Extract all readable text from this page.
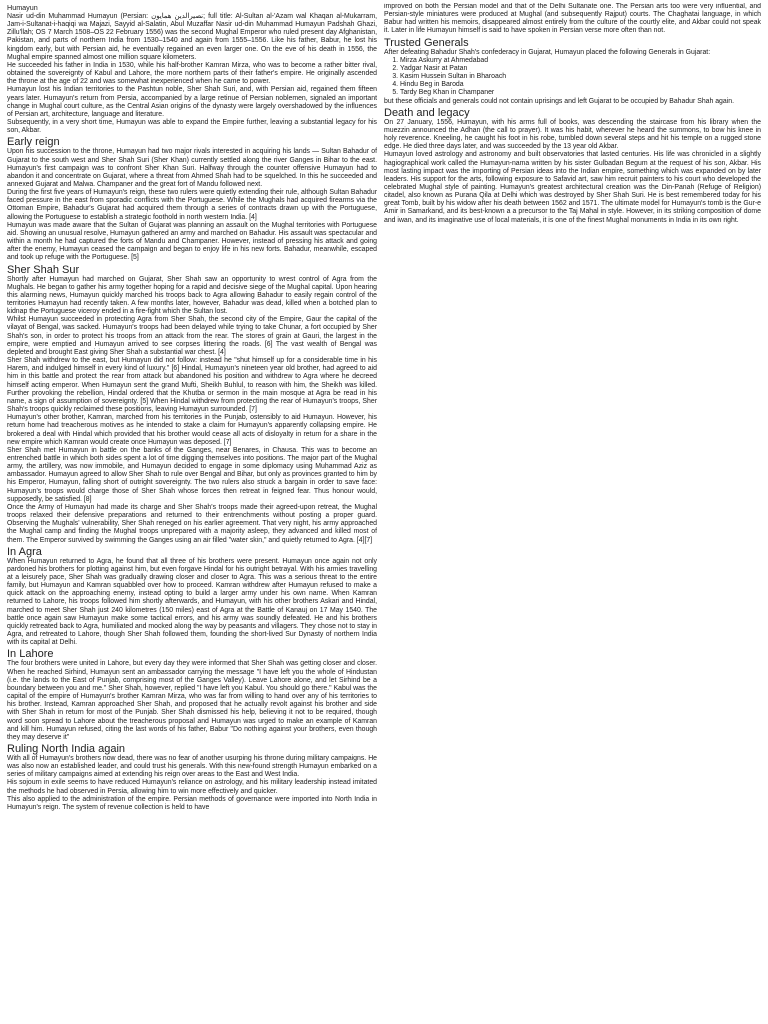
Humayun

Nasir ud-din Muhammad Humayun (Persian: نصیرالدین همایون‎; full title: Al-Sultan al-'Azam wal Khaqan al-Mukarram, Jam-i-Sultanat-i-haqiqi wa Majazi, Sayyid al-Salatin, Abul Muzaffar Nasir ud-din Muhammad Humayun Padshah Ghazi, Zillu'llah; OS 7 March 1508–OS 22 February 1556) was the second Mughal Emperor who ruled present day Afghanistan, Pakistan, and parts of northern India from 1530–1540 and again from 1555–1556. Like his father, Babur, he lost his kingdom early, but with Persian aid, he eventually regained an even larger one. On the eve of his death in 1556, the Mughal empire spanned almost one million square kilometers.

He succeeded his father in India in 1530, while his half-brother Kamran Mirza, who was to become a rather bitter rival, obtained the sovereignty of Kabul and Lahore, the more northern parts of their father's empire. He originally ascended the throne at the age of 22 and was somewhat inexperienced when he came to power.

Humayun lost his Indian territories to the Pashtun noble, Sher Shah Suri, and, with Persian aid, regained them fifteen years later. Humayun's return from Persia, accompanied by a large retinue of Persian noblemen, signaled an important change in Mughal court culture, as the Central Asian origins of the dynasty were largely overshadowed by the influences of Persian art, architecture, language and literature.

Subsequently, in a very short time, Humayun was able to expand the Empire further, leaving a substantial legacy for his son, Akbar.

Early reign

Upon his succession to the throne, Humayun had two major rivals interested in acquiring his lands — Sultan Bahadur of Gujarat to the south west and Sher Shah Suri (Sher Khan) currently settled along the river Ganges in Bihar to the east. Humayun's first campaign was to confront Sher Khan Suri. Halfway through the counter offensive Humayun had to abandon it and concentrate on Gujarat, where a threat from Ahmed Shah had to be squelched. In this he succeeded and annexed Gujarat and Malwa. Champaner and the great fort of Mandu followed next.

During the first five years of Humayun's reign, these two rulers were quietly extending their rule, although Sultan Bahadur faced pressure in the east from sporadic conflicts with the Portuguese. While the Mughals had acquired firearms via the Ottoman Empire, Bahadur's Gujarat had acquired them through a series of contracts drawn up with the Portuguese, allowing the Portuguese to establish a strategic foothold in north western India. [4]

Humayun was made aware that the Sultan of Gujarat was planning an assault on the Mughal territories with Portuguese aid. Showing an unusual resolve, Humayun gathered an army and marched on Bahadur. His assault was spectacular and within a month he had captured the forts of Mandu and Champaner. However, instead of pressing his attack and going after the enemy, Humayun ceased the campaign and began to enjoy life in his new forts. Bahadur, meanwhile, escaped and took up refuge with the Portuguese. [5]

Sher Shah Sur

Shortly after Humayun had marched on Gujarat, Sher Shah saw an opportunity to wrest control of Agra from the Mughals. He began to gather his army together hoping for a rapid and decisive siege of the Mughal capital. Upon hearing this alarming news, Humayun quickly marched his troops back to Agra allowing Bahadur to easily regain control of the territories Humayun had recently taken. A few months later, however, Bahadur was dead, killed when a botched plan to kidnap the Portuguese viceroy ended in a fire-fight which the Sultan lost.

Whilst Humayun succeeded in protecting Agra from Sher Shah, the second city of the Empire, Gaur the capital of the vilayat of Bengal, was sacked. Humayun's troops had been delayed while trying to take Chunar, a fort occupied by Sher Shah's son, in order to protect his troops from an attack from the rear. The stores of grain at Gauri, the largest in the empire, were emptied and Humayun arrived to see corpses littering the roads. [6] The vast wealth of Bengal was depleted and brought East giving Sher Shah a substantial war chest. [4]

Sher Shah withdrew to the east, but Humayun did not follow: instead he "shut himself up for a considerable time in his Harem, and indulged himself in every kind of luxury." [6] Hindal, Humayun's nineteen year old brother, had agreed to aid him in this battle and protect the rear from attack but abandoned his position and withdrew to Agra where he decreed himself acting emperor. When Humayun sent the grand Mufti, Sheikh Buhlul, to reason with him, the Sheikh was killed. Further provoking the rebellion, Hindal ordered that the Khutba or sermon in the main mosque at Agra be read in his name, a sign of assumption of sovereignty. [5] When Hindal withdrew from protecting the rear of Humayun's troops, Sher Shah's troops quickly reclaimed these positions, leaving Humayun surrounded. [7]

Humayun's other brother, Kamran, marched from his territories in the Punjab, ostensibly to aid Humayun. However, his return home had treacherous motives as he intended to stake a claim for Humayun's apparently collapsing empire. He brokered a deal with Hindal which provided that his brother would cease all acts of disloyalty in return for a share in the new empire which Kamran would create once Humayun was deposed. [7]

Sher Shah met Humayun in battle on the banks of the Ganges, near Benares, in Chausa. This was to become an entrenched battle in which both sides spent a lot of time digging themselves into positions. The major part of the Mughal army, the artillery, was now immobile, and Humayun decided to engage in some diplomacy using Muhammad Aziz as ambassador. Humayun agreed to allow Sher Shah to rule over Bengal and Bihar, but only as provinces granted to him by his Emperor, Humayun, falling short of outright sovereignty. The two rulers also struck a bargain in order to save face: Humayun's troops would charge those of Sher Shah whose forces then retreat in feigned fear. Thus honour would, supposedly, be satisfied. [8]

Once the Army of Humayun had made its charge and Sher Shah's troops made their agreed-upon retreat, the Mughal troops relaxed their defensive preparations and returned to their entrenchments without posting a proper guard. Observing the Mughals' vulnerability, Sher Shah reneged on his earlier agreement. That very night, his army approached the Mughal camp and finding the Mughal troops unprepared with a majority asleep, they advanced and killed most of them. The Emperor survived by swimming the Ganges using an air filled "water skin," and quietly returned to Agra. [4][7]

In Agra

When Humayun returned to Agra, he found that all three of his brothers were present. Humayun once again not only pardoned his brothers for plotting against him, but even forgave Hindal for his outright betrayal. With his armies travelling at a leisurely pace, Sher Shah was gradually drawing closer and closer to Agra. This was a serious threat to the entire family, but Humayun and Kamran squabbled over how to proceed. Kamran withdrew after Humayun refused to make a quick attack on the approaching enemy, instead opting to build a larger army under his own name. When Kamran returned to Lahore, his troops followed him shortly afterwards, and Humayun, with his other brothers Askari and Hindal, marched to meet Sher Shah just 240 kilometres (150 miles) east of Agra at the Battle of Kanauj on 17 May 1540. The battle once again saw Humayun make some tactical errors, and his army was soundly defeated. He and his brothers quickly retreated back to Agra, humiliated and mocked along the way by peasants and villagers. They chose not to stay in Agra, and retreated to Lahore, though Sher Shah followed them, founding the short-lived Sur Dynasty of northern India with its capital at Delhi.

In Lahore

The four brothers were united in Lahore, but every day they were informed that Sher Shah was getting closer and closer. When he reached Sirhind, Humayun sent an ambassador carrying the message "I have left you the whole of Hindustan (i.e. the lands to the East of Punjab, comprising most of the Ganges Valley). Leave Lahore alone, and let Sirhind be a boundary between you and me." Sher Shah, however, replied "I have left you Kabul. You should go there." Kabul was the capital of the empire of Humayun's brother Kamran Mirza, who was far from willing to hand over any of his territories to his brother. Instead, Kamran approached Sher Shah, and proposed that he actually revolt against his brother and side with Sher Shah in return for most of the Punjab. Sher Shah dismissed his help, believing it not to be required, though word soon spread to Lahore about the treacherous proposal and Humayun was urged to make an example of Kamran and kill him. Humayun refused, citing the last words of his father, Babur "Do nothing against your brothers, even though they may deserve it"

Ruling North India again

With all of Humayun's brothers now dead, there was no fear of another usurping his throne during military campaigns. He was also now an established leader, and could trust his generals. With this new-found strength Humayun embarked on a series of military campaigns aimed at extending his reign over areas to the East and West India.

His sojourn in exile seems to have reduced Humayun's reliance on astrology, and his military leadership instead imitated the methods he had observed in Persia, allowing him to win more effectively and quicker.

This also applied to the administration of the empire. Persian methods of governance were imported into North India in Humayun's reign. The system of revenue collection is held to have

improved on both the Persian model and that of the Delhi Sultanate one. The Persian arts too were very influential, and Persian-style miniatures were produced at Mughal (and subsequently Rajput) courts. The Chaghatai language, in which Babur had written his memoirs, disappeared almost entirely from the culture of the courtly elite, and Akbar could not speak it. Later in life Humayun himself is said to have spoken in Persian verse more often than not.

Trusted Generals

After defeating Bahadur Shah's confederacy in Gujarat, Humayun placed the following Generals in Gujarat:

1. Mirza Askurry at Ahmedabad
2. Yadgar Nasir at Patan
3. Kasim Hussein Sultan in Bharoach
4. Hindu Beg in Baroda
5. Tardy Beg Khan in Champaner

but these officials and generals could not contain uprisings and left Gujarat to be occupied by Bahadur Shah again.

Death and legacy

On 27 January, 1556, Humayun, with his arms full of books, was descending the staircase from his library when the muezzin announced the Adhan (the call to prayer). It was his habit, wherever he heard the summons, to bow his knee in holy reverence. Kneeling, he caught his foot in his robe, tumbled down several steps and hit his temple on a rugged stone edge. He died three days later, and was succeeded by the 13 year old Akbar.

Humayun loved astrology and astronomy and built observatories that lasted centuries. His life was chronicled in a slightly hagiographical work called the Humayun-nama written by his sister Gulbadan Begum at the request of his son, Akbar. His most lasting impact was the importing of Persian ideas into the Indian empire, something which was expanded on by later leaders. His support for the arts, following exposure to Safavid art, saw him recruit painters to his court who developed the celebrated Mughal style of painting. Humayun's greatest architectural creation was the Din-Panah (Refuge of Religion) citadel, also known as Purana Qila at Delhi which was destroyed by Sher Shah Suri. He is best remembered today for his great Tomb, built by his widow after his death between 1562 and 1571. The ultimate model for Humayun's tomb is the Gur-e Amir in Samarkand, and its best-known a a precursor to the Taj Mahal in style. However, in its striking composition of dome and iwan, and its imaginative use of local materials, it is one of the finest Mughal monuments in India in its own right.
